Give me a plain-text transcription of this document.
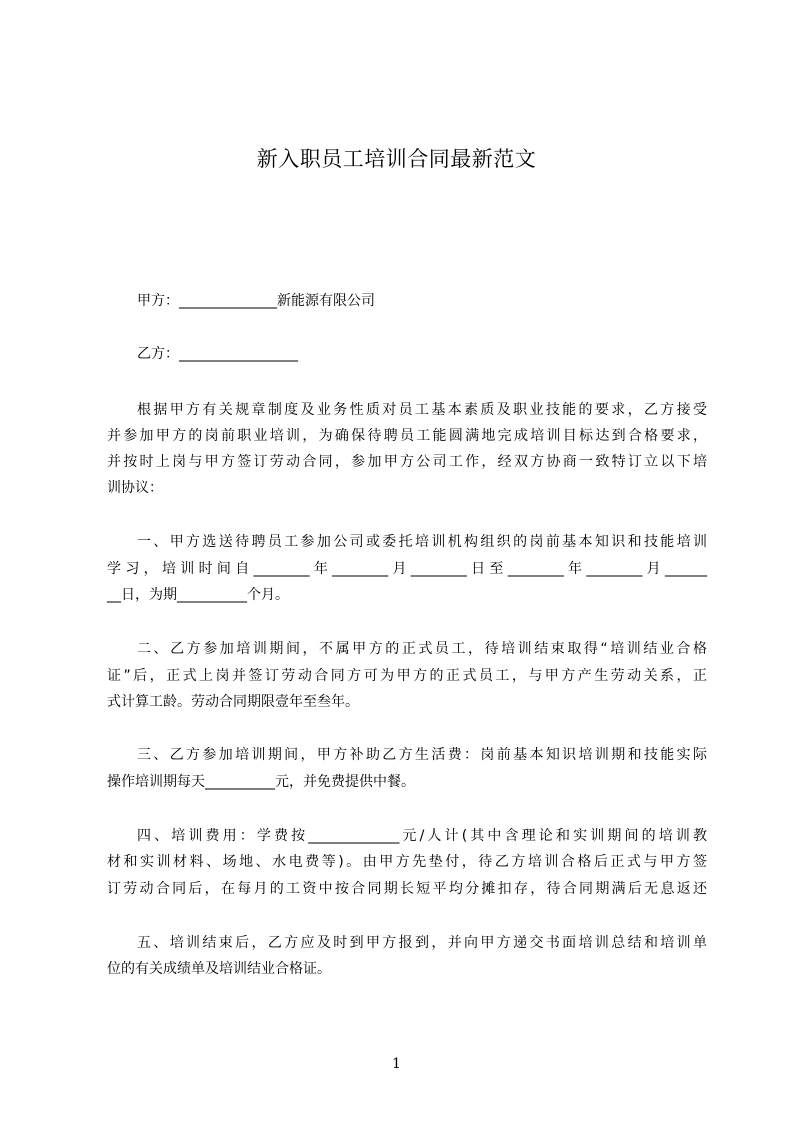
新入职员工培训合同最新范文
甲方：______________新能源有限公司
乙方：_________________
根据甲方有关规章制度及业务性质对员工基本素质及职业技能的要求，乙方接受
并参加甲方的岗前职业培训，为确保待聘员工能圆满地完成培训目标达到合格要求，
并按时上岗与甲方签订劳动合同，参加甲方公司工作，经双方协商一致特订立以下培
训协议：
一、甲方选送待聘员工参加公司或委托培训机构组织的岗前基本知识和技能培训
学习，培训时间自________年________月________日至________年________月______
__日，为期__________个月。
二、乙方参加培训期间，不属甲方的正式员工，待培训结束取得“培训结业合格
证”后，正式上岗并签订劳动合同方可为甲方的正式员工，与甲方产生劳动关系，正
式计算工龄。劳动合同期限壹年至叁年。
三、乙方参加培训期间，甲方补助乙方生活费：岗前基本知识培训期和技能实际
操作培训期每天__________元，并免费提供中餐。
四、培训费用：学费按_____________元/人计(其中含理论和实训期间的培训教
材和实训材料、场地、水电费等)。由甲方先垫付，待乙方培训合格后正式与甲方签
订劳动合同后，在每月的工资中按合同期长短平均分摊扣存，待合同期满后无息返还
五、培训结束后，乙方应及时到甲方报到，并向甲方递交书面培训总结和培训单
位的有关成绩单及培训结业合格证。
1
